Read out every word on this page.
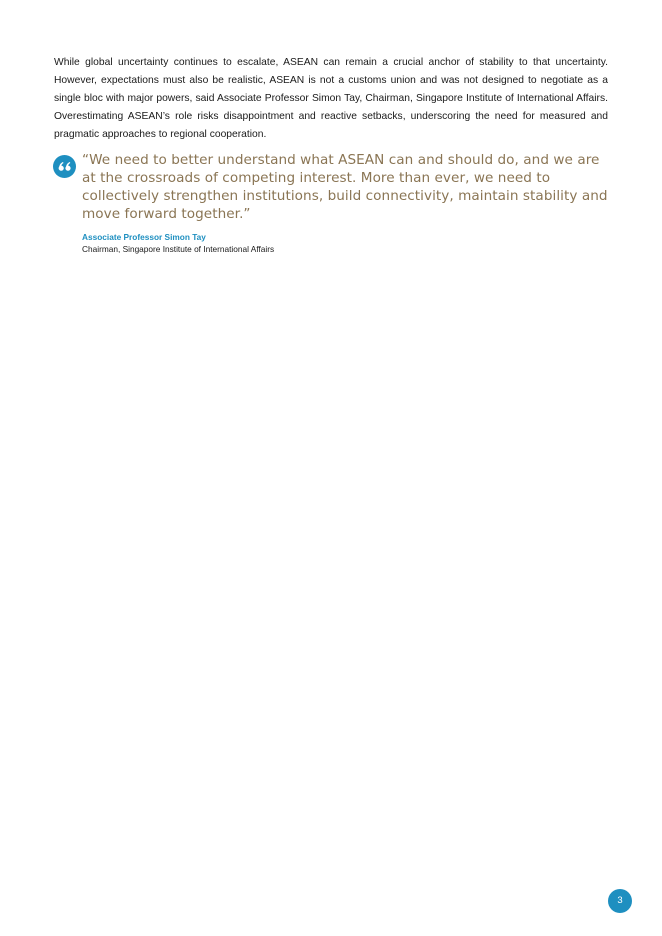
While global uncertainty continues to escalate, ASEAN can remain a crucial anchor of stability to that uncertainty. However, expectations must also be realistic, ASEAN is not a customs union and was not designed to negotiate as a single bloc with major powers, said Associate Professor Simon Tay, Chairman, Singapore Institute of International Affairs. Overestimating ASEAN’s role risks disappointment and reactive setbacks, underscoring the need for measured and pragmatic approaches to regional cooperation.

“We need to better understand what ASEAN can and should do, and we are at the crossroads of competing interest. More than ever, we need to collectively strengthen institutions, build connectivity, maintain stability and move forward together.”

Associate Professor Simon Tay

Chairman, Singapore Institute of International Affairs

3
